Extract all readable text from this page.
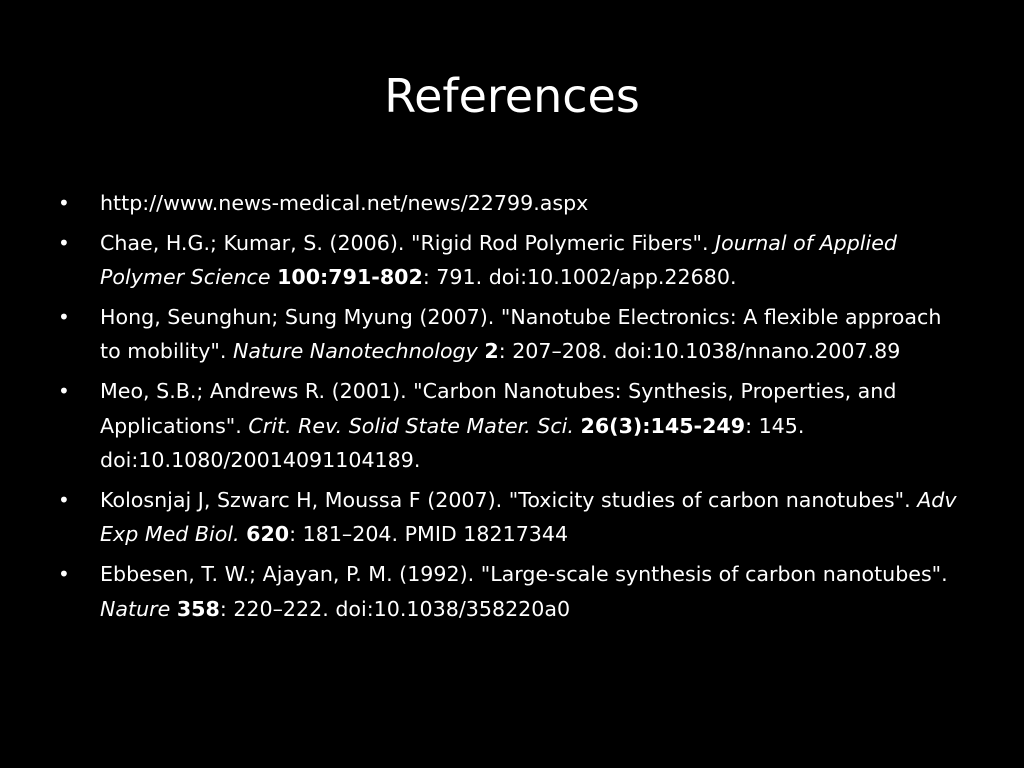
References
•	http://www.news-medical.net/news/22799.aspx
•	Chae, H.G.; Kumar, S. (2006). "Rigid Rod Polymeric Fibers". Journal of Applied Polymer Science 100:791-802: 791. doi:10.1002/app.22680.
•	Hong, Seunghun; Sung Myung (2007). "Nanotube Electronics: A flexible approach to mobility". Nature Nanotechnology 2: 207–208. doi:10.1038/nnano.2007.89
•	Meo, S.B.; Andrews R. (2001). "Carbon Nanotubes: Synthesis, Properties, and Applications". Crit. Rev. Solid State Mater. Sci. 26(3):145-249: 145. doi:10.1080/20014091104189.
•	Kolosnjaj J, Szwarc H, Moussa F (2007). "Toxicity studies of carbon nanotubes". Adv Exp Med Biol. 620: 181–204. PMID 18217344
•	Ebbesen, T. W.; Ajayan, P. M. (1992). "Large-scale synthesis of carbon nanotubes". Nature 358: 220–222. doi:10.1038/358220a0
